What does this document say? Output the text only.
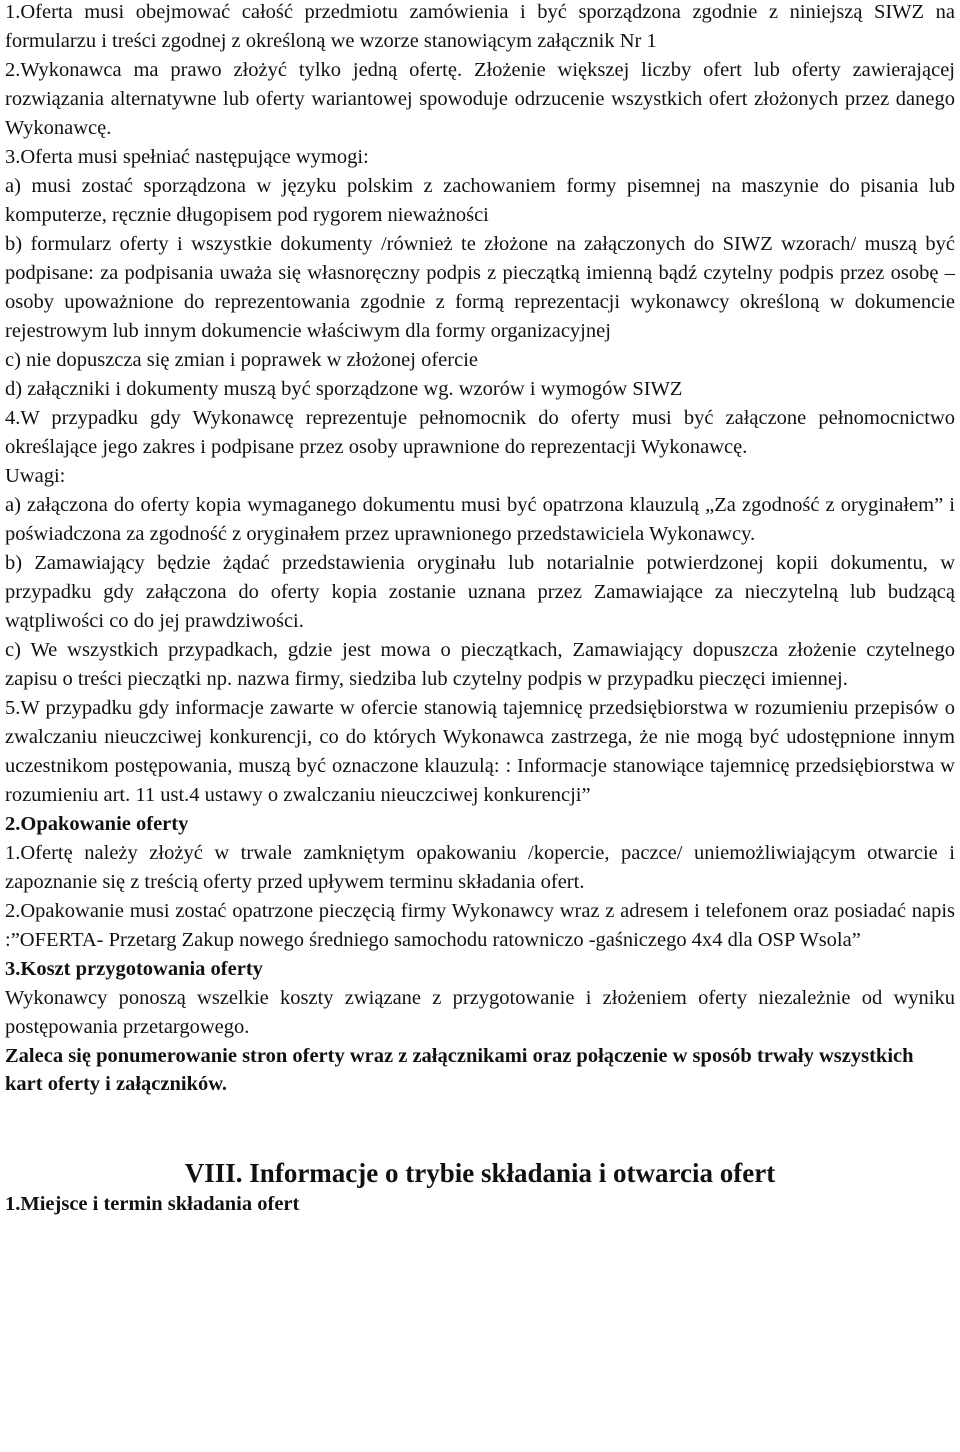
1.Oferta musi obejmować całość przedmiotu zamówienia i być sporządzona zgodnie z niniejszą SIWZ na formularzu i treści zgodnej z określoną we wzorze stanowiącym załącznik Nr 1

2.Wykonawca ma prawo złożyć tylko jedną ofertę. Złożenie większej liczby ofert lub oferty zawierającej rozwiązania alternatywne lub oferty wariantowej spowoduje odrzucenie wszystkich ofert złożonych przez danego Wykonawcę.

3.Oferta musi spełniać następujące wymogi:

a) musi zostać sporządzona w języku polskim z zachowaniem formy pisemnej na maszynie do pisania lub komputerze, ręcznie długopisem pod rygorem nieważności

b) formularz oferty i wszystkie dokumenty /również te złożone na załączonych do SIWZ wzorach/ muszą być podpisane: za podpisania uważa się własnoręczny podpis z pieczątką imienną bądź czytelny podpis przez osobę – osoby upoważnione do reprezentowania zgodnie z formą reprezentacji wykonawcy określoną w dokumencie rejestrowym lub innym dokumencie właściwym dla formy organizacyjnej

c) nie dopuszcza się zmian i poprawek w złożonej ofercie

d) załączniki i dokumenty muszą być sporządzone wg. wzorów i wymogów SIWZ

4.W przypadku gdy Wykonawcę reprezentuje pełnomocnik do oferty musi być załączone pełnomocnictwo określające jego zakres i podpisane przez osoby uprawnione do reprezentacji Wykonawcę.

Uwagi:

a) załączona do oferty kopia wymaganego dokumentu musi być opatrzona klauzulą „Za zgodność z oryginałem” i poświadczona za zgodność z oryginałem przez uprawnionego przedstawiciela Wykonawcy.

b) Zamawiający będzie żądać przedstawienia oryginału lub notarialnie potwierdzonej kopii dokumentu, w przypadku gdy załączona do oferty kopia zostanie uznana przez Zamawiające za nieczytelną lub budzącą wątpliwości co do jej prawdziwości.

c) We wszystkich przypadkach, gdzie jest mowa o pieczątkach, Zamawiający dopuszcza złożenie czytelnego zapisu o treści pieczątki np. nazwa firmy, siedziba lub czytelny podpis w przypadku pieczęci imiennej.

5.W przypadku gdy informacje zawarte w ofercie stanowią tajemnicę przedsiębiorstwa w rozumieniu przepisów o zwalczaniu nieuczciwej konkurencji, co do których Wykonawca zastrzega, że nie mogą być udostępnione innym uczestnikom postępowania, muszą być oznaczone klauzulą: : Informacje stanowiące tajemnicę przedsiębiorstwa w rozumieniu art. 11 ust.4 ustawy o zwalczaniu nieuczciwej konkurencji”

2.Opakowanie oferty

1.Ofertę należy złożyć w trwale zamkniętym opakowaniu /kopercie, paczce/ uniemożliwiającym otwarcie i zapoznanie się z treścią oferty przed upływem terminu składania ofert.

2.Opakowanie musi zostać opatrzone pieczęcią firmy Wykonawcy wraz z adresem i telefonem oraz posiadać napis :”OFERTA- Przetarg Zakup nowego średniego samochodu ratowniczo -gaśniczego 4x4 dla OSP Wsola”

3.Koszt przygotowania oferty

Wykonawcy ponoszą wszelkie koszty związane z przygotowanie i złożeniem oferty niezależnie od wyniku postępowania przetargowego.

Zaleca się ponumerowanie stron oferty wraz z załącznikami oraz połączenie w sposób trwały wszystkich kart oferty i załączników.

VIII. Informacje o trybie składania i otwarcia ofert

1.Miejsce i termin składania ofert
